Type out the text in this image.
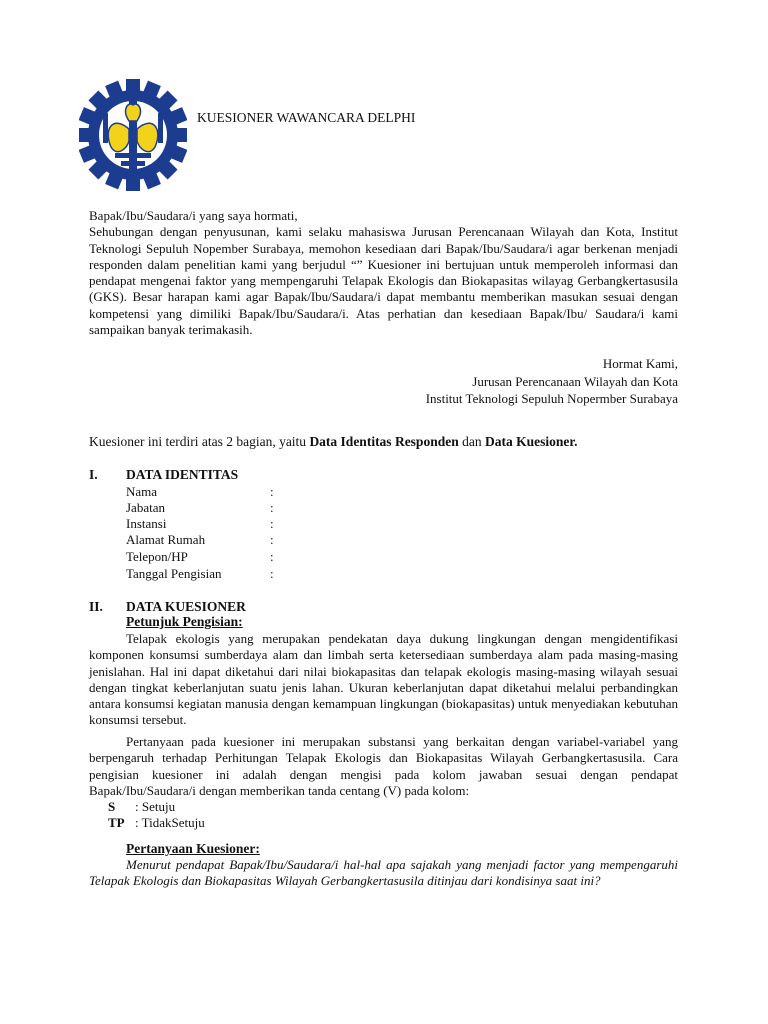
KUESIONER WAWANCARA DELPHI

Bapak/Ibu/Saudara/i yang saya hormati,

Sehubungan dengan penyusunan, kami selaku mahasiswa Jurusan Perencanaan Wilayah dan Kota, Institut Teknologi Sepuluh Nopember Surabaya, memohon kesediaan dari Bapak/Ibu/Saudara/i agar berkenan menjadi responden dalam penelitian kami yang berjudul “” Kuesioner ini bertujuan untuk memperoleh informasi dan pendapat mengenai faktor yang mempengaruhi Telapak Ekologis dan Biokapasitas wilayag Gerbangkertasusila (GKS). Besar harapan kami agar Bapak/Ibu/Saudara/i dapat membantu memberikan masukan sesuai dengan kompetensi yang dimiliki Bapak/Ibu/Saudara/i. Atas perhatian dan kesediaan Bapak/Ibu/ Saudara/i kami sampaikan banyak terimakasih.

Hormat Kami,
Jurusan Perencanaan Wilayah dan Kota
Institut Teknologi Sepuluh Nopermber Surabaya
Kuesioner ini terdiri atas 2 bagian, yaitu Data Identitas Responden dan Data Kuesioner.
I. DATA IDENTITAS
Nama	:
Jabatan	:
Instansi	:
Alamat Rumah	:
Telepon/HP	:
Tanggal Pengisian	:
II. DATA KUESIONER
Petunjuk Pengisian:
Telapak ekologis yang merupakan pendekatan daya dukung lingkungan dengan mengidentifikasi komponen konsumsi sumberdaya alam dan limbah serta ketersediaan sumberdaya alam pada masing-masing jenislahan. Hal ini dapat diketahui dari nilai biokapasitas dan telapak ekologis masing-masing wilayah sesuai dengan tingkat keberlanjutan suatu jenis lahan. Ukuran keberlanjutan dapat diketahui melalui perbandingkan antara konsumsi kegiatan manusia dengan kemampuan lingkungan (biokapasitas) untuk menyediakan kebutuhan konsumsi tersebut.
Pertanyaan pada kuesioner ini merupakan substansi yang berkaitan dengan variabel-variabel yang berpengaruh terhadap Perhitungan Telapak Ekologis dan Biokapasitas Wilayah Gerbangkertasusila. Cara pengisian kuesioner ini adalah dengan mengisi pada kolom jawaban sesuai dengan pendapat Bapak/Ibu/Saudara/i dengan memberikan tanda centang (V) pada kolom:
S : Setuju
TP : TidakSetuju
Pertanyaan Kuesioner:
Menurut pendapat Bapak/Ibu/Saudara/i hal-hal apa sajakah yang menjadi factor yang mempengaruhi Telapak Ekologis dan Biokapasitas Wilayah Gerbangkertasusila ditinjau dari kondisinya saat ini?
